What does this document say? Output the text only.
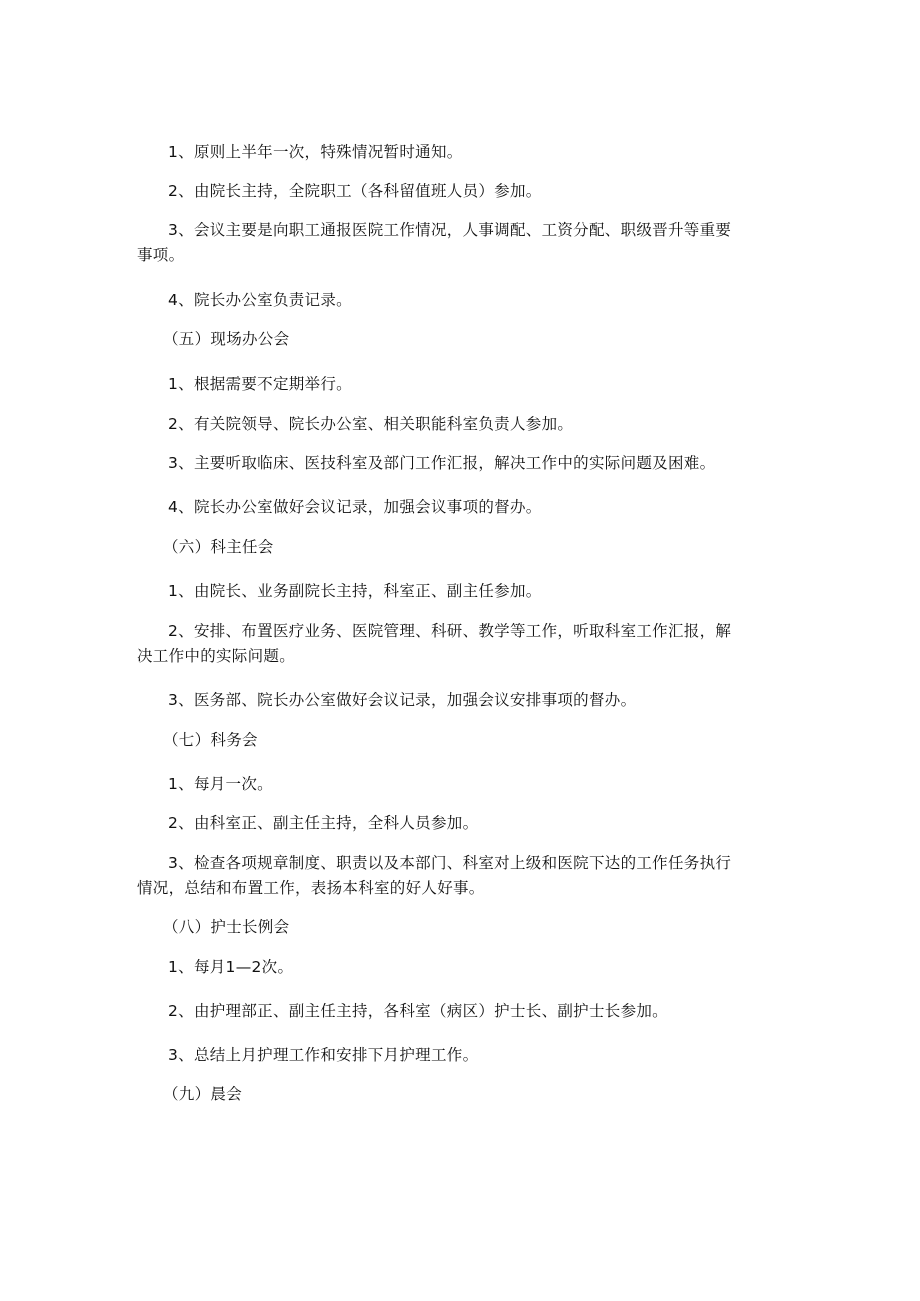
1、原则上半年一次，特殊情况暂时通知。
2、由院长主持，全院职工（各科留值班人员）参加。
3、会议主要是向职工通报医院工作情况，人事调配、工资分配、职级晋升等重要
事项。
4、院长办公室负责记录。
（五）现场办公会
1、根据需要不定期举行。
2、有关院领导、院长办公室、相关职能科室负责人参加。
3、主要听取临床、医技科室及部门工作汇报，解决工作中的实际问题及困难。
4、院长办公室做好会议记录，加强会议事项的督办。
（六）科主任会
1、由院长、业务副院长主持，科室正、副主任参加。
2、安排、布置医疗业务、医院管理、科研、教学等工作，听取科室工作汇报，解
决工作中的实际问题。
3、医务部、院长办公室做好会议记录，加强会议安排事项的督办。
（七）科务会
1、每月一次。
2、由科室正、副主任主持，全科人员参加。
3、检查各项规章制度、职责以及本部门、科室对上级和医院下达的工作任务执行
情况，总结和布置工作，表扬本科室的好人好事。
（八）护士长例会
1、每月1—2次。
2、由护理部正、副主任主持，各科室（病区）护士长、副护士长参加。
3、总结上月护理工作和安排下月护理工作。
（九）晨会
